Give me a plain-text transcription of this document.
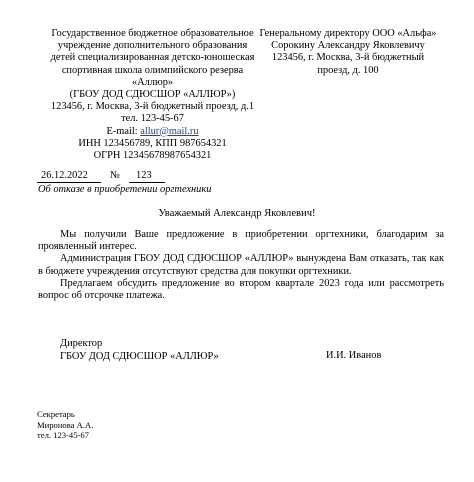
Государственное бюджетное образовательное
учреждение дополнительного образования
детей специализированная детско-юношеская
спортивная школа олимпийского резерва
«Аллюр»
(ГБОУ ДОД СДЮСШОР «АЛЛЮР»)
123456, г. Москва, 3-й бюджетный проезд, д.1
тел. 123-45-67
E-mail: allur@mail.ru
ИНН 123456789, КПП 987654321
ОГРН 12345678987654321
Генеральному директору ООО «Альфа»
Сорокину Александру Яковлевичу
123456, г. Москва, 3-й бюджетный
проезд, д. 100
26.12.2022 № 123
Об отказе в приобретении оргтехники
Уважаемый Александр Яковлевич!

Мы получили Ваше предложение в приобретении оргтехники, благодарим за проявленный интерес.

Администрация ГБОУ ДОД СДЮСШОР «АЛЛЮР» вынуждена Вам отказать, так как в бюджете учреждения отсутствуют средства для покупки оргтехники.

Предлагаем обсудить предложение во втором квартале 2023 года или рассмотреть вопрос об отсрочке платежа.

Директор
ГБОУ ДОД СДЮСШОР «АЛЛЮР»	И.И. Иванов
Секретарь
Миронова А.А.
тел. 123-45-67
